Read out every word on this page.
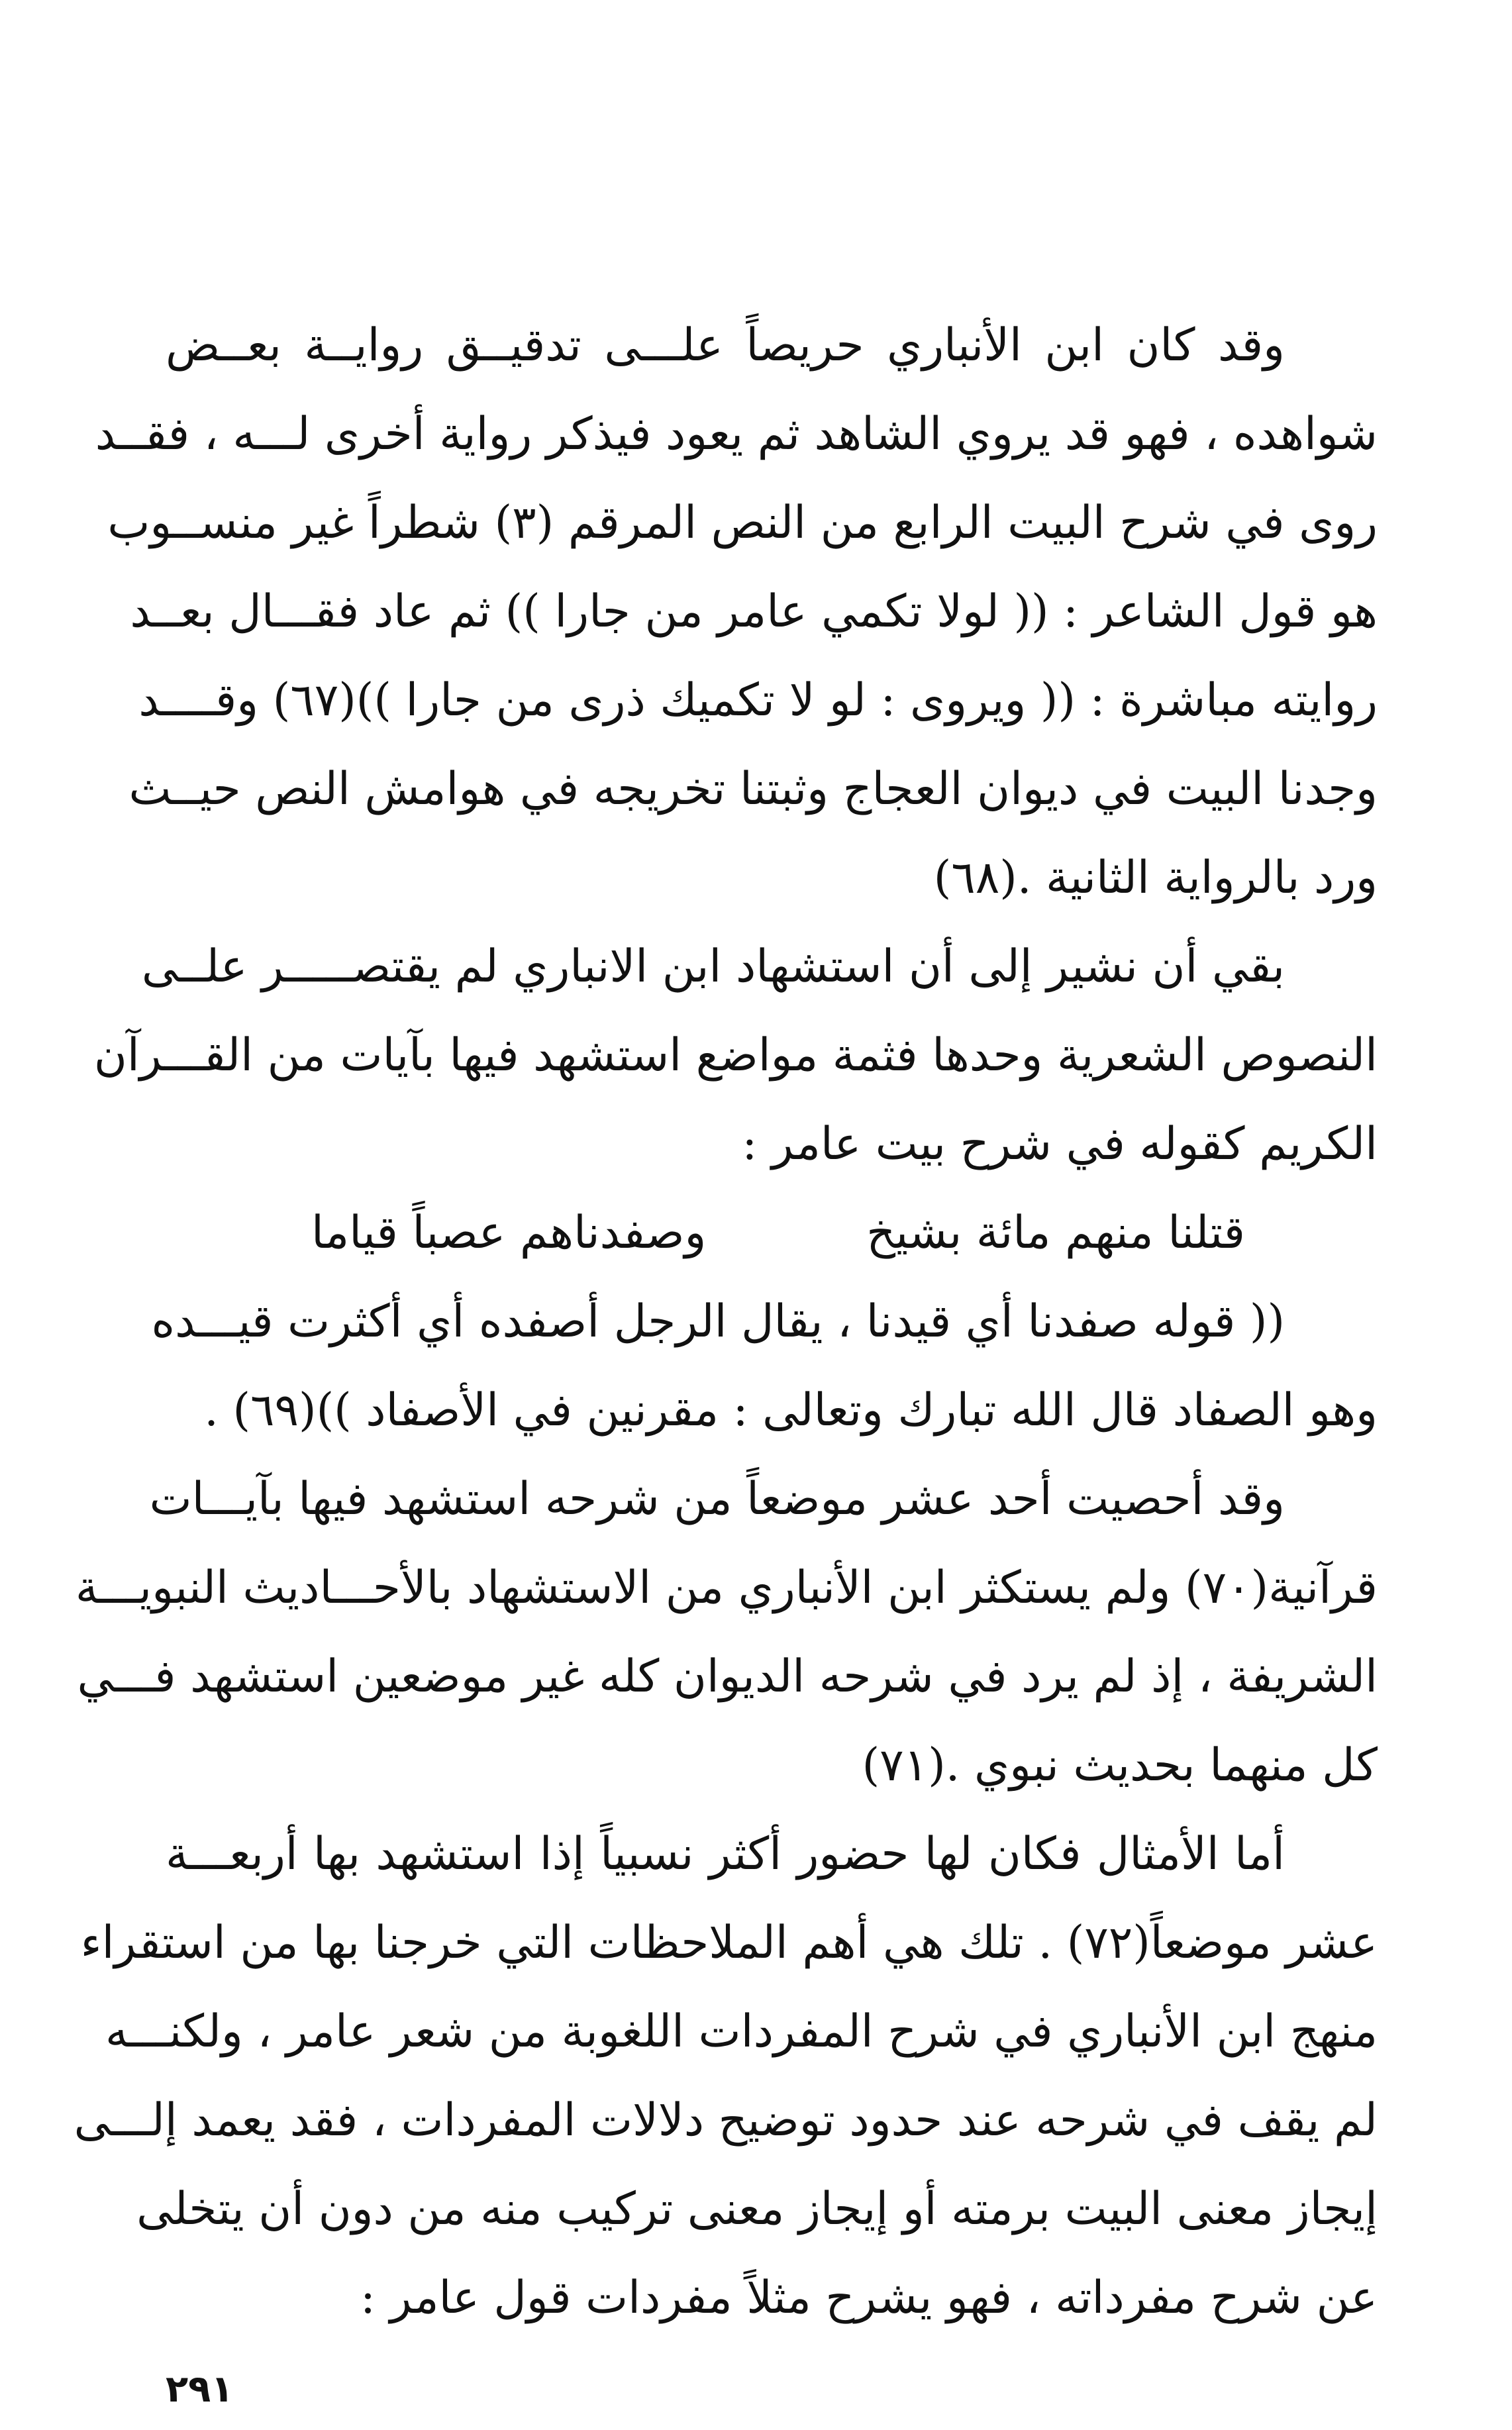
وقد كان ابن الأنباري حريصاً علـــى تدقيــق روايــة بعــض
شواهده ، فهو قد يروي الشاهد ثم يعود فيذكر رواية أخرى لـــه ، فقــد
روى في شرح البيت الرابع من النص المرقم (٣) شطراً غير منســوب
هو قول الشاعر : (( لولا تكمي عامر من جارا )) ثم عاد فقـــال بعــد
روايته مباشرة : (( ويروى : لو لا تكميك ذرى من جارا ))(٦٧) وقــــد
وجدنا البيت في ديوان العجاج وثبتنا تخريجه في هوامش النص حيــث
ورد بالرواية الثانية .(٦٨)
بقي أن نشير إلى أن استشهاد ابن الانباري لم يقتصـــــر علــى
النصوص الشعرية وحدها فثمة مواضع استشهد فيها بآيات من القـــرآن
الكريم كقوله في شرح بيت عامر :
قتلنا منهم مائة بشيخ
وصفدناهم عصباً قياما
(( قوله صفدنا أي قيدنا ، يقال الرجل أصفده أي أكثرت قيـــده
وهو الصفاد قال الله تبارك وتعالى : مقرنين في الأصفاد ))(٦٩) .
وقد أحصيت أحد عشر موضعاً من شرحه استشهد فيها بآيـــات
قرآنية(٧٠) ولم يستكثر ابن الأنباري من الاستشهاد بالأحـــاديث النبويـــة
الشريفة ، إذ لم يرد في شرحه الديوان كله غير موضعين استشهد فـــي
كل منهما بحديث نبوي .(٧١)
أما الأمثال فكان لها حضور أكثر نسبياً إذا استشهد بها أربعـــة
عشر موضعاً(٧٢) . تلك هي أهم الملاحظات التي خرجنا بها من استقراء
منهج ابن الأنباري في شرح المفردات اللغوبة من شعر عامر ، ولكنـــه
لم يقف في شرحه عند حدود توضيح دلالات المفردات ، فقد يعمد إلـــى
إيجاز معنى البيت برمته أو إيجاز معنى تركيب منه من دون أن يتخلى
عن شرح مفرداته ، فهو يشرح مثلاً مفردات قول عامر :
٢٩١
